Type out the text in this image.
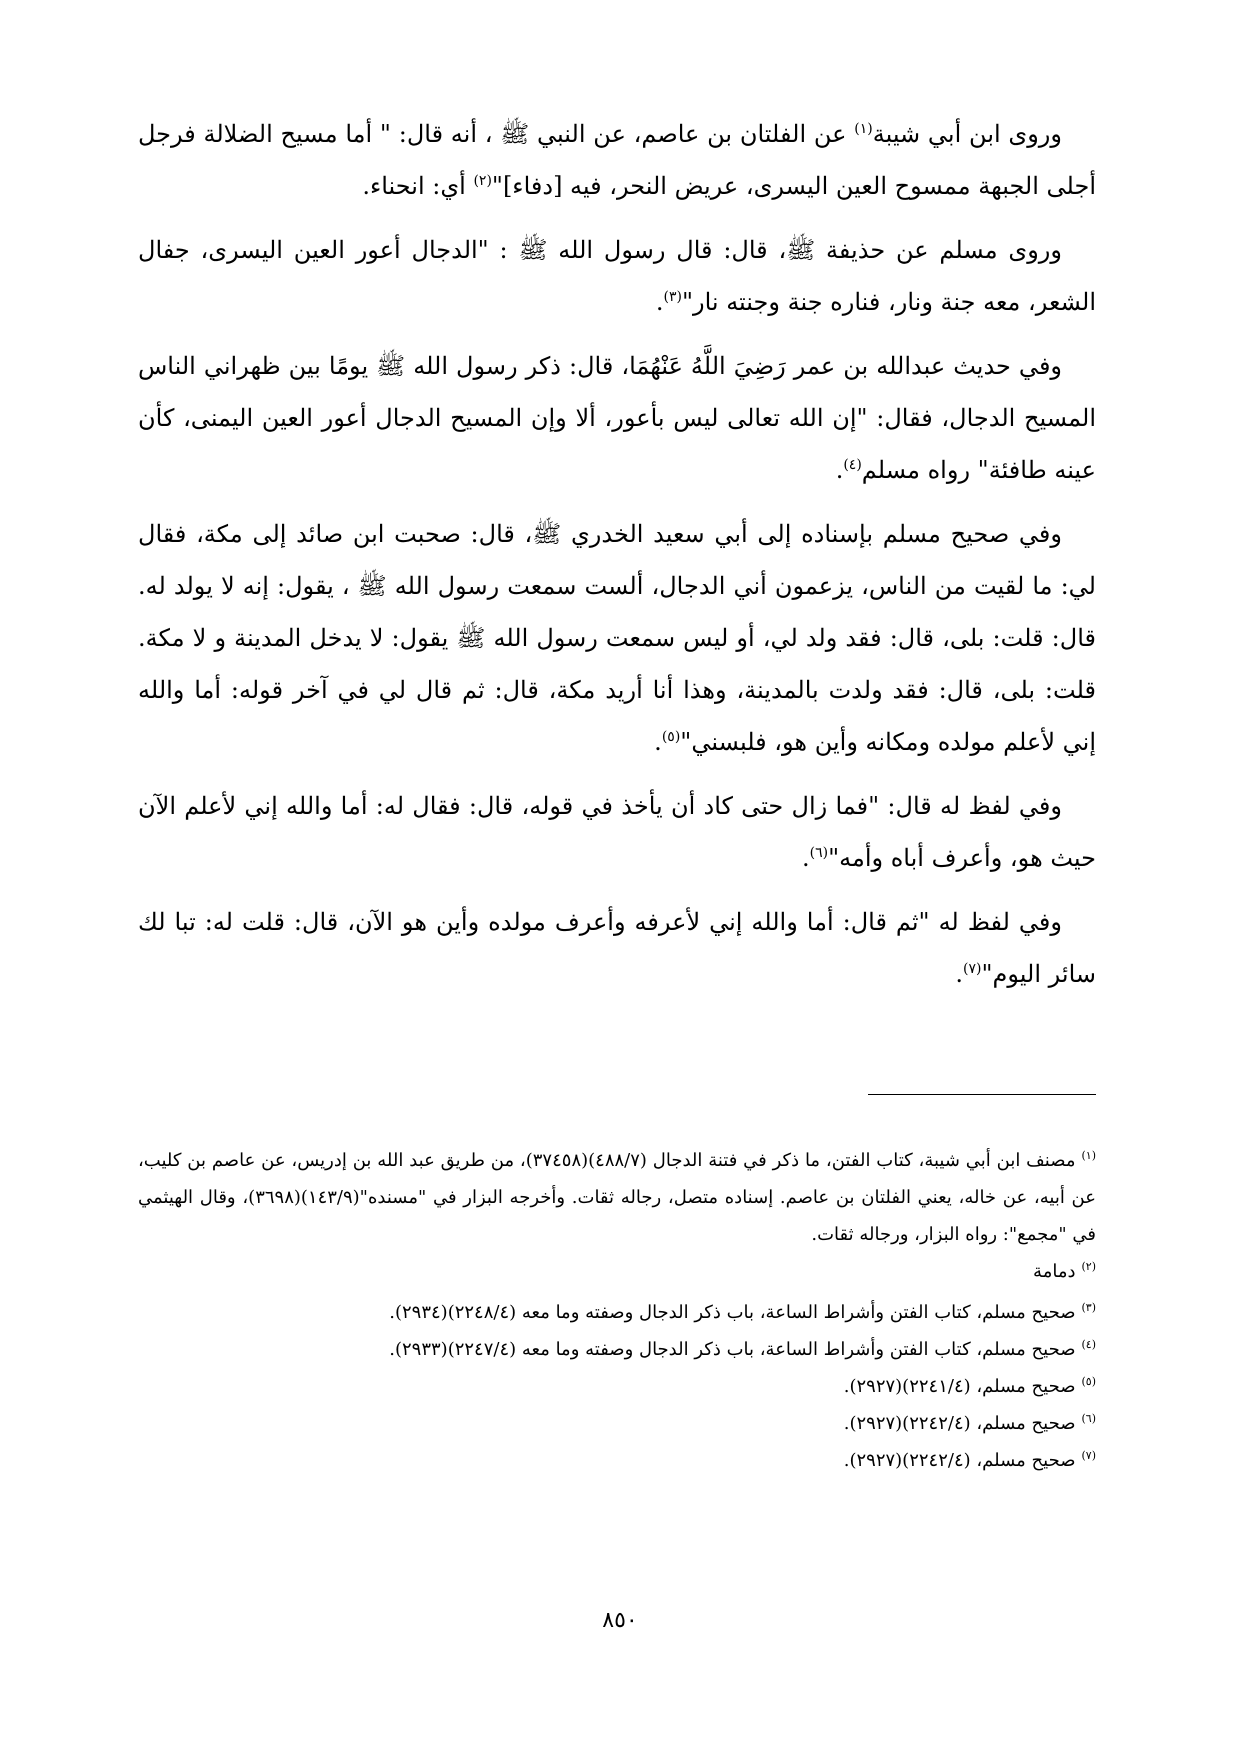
وروى ابن أبي شيبة$^{(١)}$ عن الفلتان بن عاصم، عن النبي ﷺ ، أنه قال: " أما مسيح الضلالة فرجل أجلى الجبهة ممسوح العين اليسرى، عريض النحر، فيه [دفاء]"$^{(٢)}$ أي: انحناء.

وروى مسلم عن حذيفة ﷺ، قال: قال رسول الله ﷺ : "الدجال أعور العين اليسرى، جفال الشعر، معه جنة ونار، فناره جنة وجنته نار"$^{(٣)}$.

وفي حديث عبدالله بن عمر رَضِيَ اللَّهُ عَنْهُمَا، قال: ذكر رسول الله ﷺ يومًا بين ظهراني الناس المسيح الدجال، فقال: "إن الله تعالى ليس بأعور، ألا وإن المسيح الدجال أعور العين اليمنى، كأن عينه طافئة" رواه مسلم$^{(٤)}$.

وفي صحيح مسلم بإسناده إلى أبي سعيد الخدري ﷺ، قال: صحبت ابن صائد إلى مكة، فقال لي: ما لقيت من الناس، يزعمون أني الدجال، ألست سمعت رسول الله ﷺ ، يقول: إنه لا يولد له. قال: قلت: بلى، قال: فقد ولد لي، أو ليس سمعت رسول الله ﷺ يقول: لا يدخل المدينة و لا مكة. قلت: بلى، قال: فقد ولدت بالمدينة، وهذا أنا أريد مكة، قال: ثم قال لي في آخر قوله: أما والله إني لأعلم مولده ومكانه وأين هو، فلبسني"$^{(٥)}$.

وفي لفظ له قال: "فما زال حتى كاد أن يأخذ في قوله، قال: فقال له: أما والله إني لأعلم الآن حيث هو، وأعرف أباه وأمه"$^{(٦)}$.

وفي لفظ له "ثم قال: أما والله إني لأعرفه وأعرف مولده وأين هو الآن، قال: قلت له: تبا لك سائر اليوم"$^{(٧)}$.

$^{(١)}$مصنف ابن أبي شيبة، كتاب الفتن، ما ذكر في فتنة الدجال (٤٨٨/٧)(٣٧٤٥٨)، من طريق عبد الله بن إدريس، عن عاصم بن كليب، عن أبيه، عن خاله، يعني الفلتان بن عاصم. إسناده متصل، رجاله ثقات. وأخرجه البزار في "مسنده"(١٤٣/٩)(٣٦٩٨)، وقال الهيثمي في "مجمع": رواه البزار، ورجاله ثقات.

$^{(٢)}$دمامة

$^{(٣)}$صحيح مسلم، كتاب الفتن وأشراط الساعة، باب ذكر الدجال وصفته وما معه (٢٢٤٨/٤)(٢٩٣٤).

$^{(٤)}$صحيح مسلم، كتاب الفتن وأشراط الساعة، باب ذكر الدجال وصفته وما معه (٢٢٤٧/٤)(٢٩٣٣).

$^{(٥)}$صحيح مسلم، (٢٢٤١/٤)(٢٩٢٧).

$^{(٦)}$صحيح مسلم، (٢٢٤٢/٤)(٢٩٢٧).

$^{(٧)}$صحيح مسلم، (٢٢٤٢/٤)(٢٩٢٧).

٨٥٠
